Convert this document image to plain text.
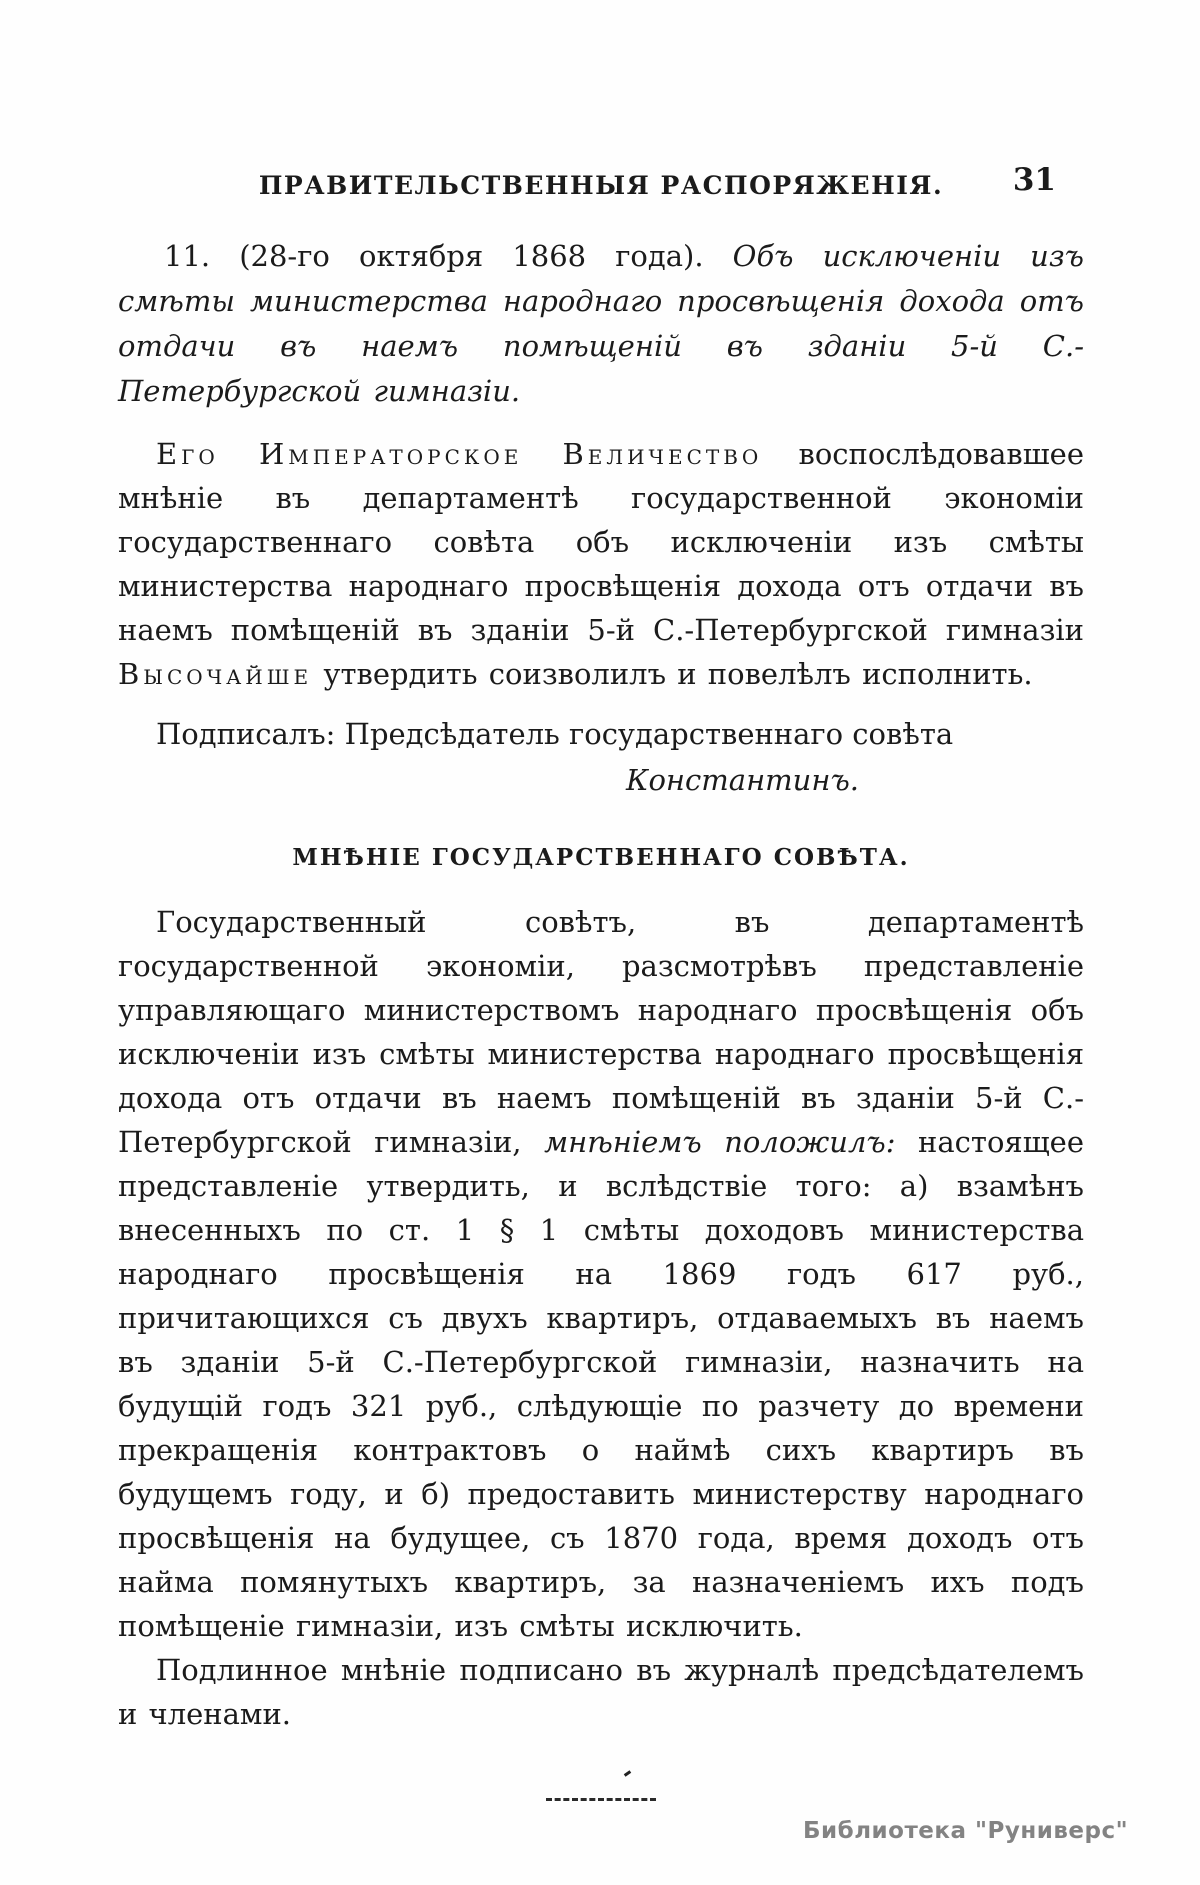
ПРАВИТЕЛЬСТВЕННЫЯ РАСПОРЯЖЕНІЯ.	31

11. (28-го октября 1868 года). Объ исключеніи изъ смѣты министерства народнаго просвѣщенія дохода отъ отдачи въ наемъ помѣщеній въ зданіи 5-й С.-Петербургской гимназіи.

Его Императорское Величество воспослѣдовавшее мнѣніе въ департаментѣ государственной экономіи государственнаго совѣта объ исключеніи изъ смѣты министерства народнаго просвѣщенія дохода отъ отдачи въ наемъ помѣщеній въ зданіи 5-й С.-Петербургской гимназіи Высочайше утвердить соизволилъ и повелѣлъ исполнить.

Подписалъ: Предсѣдатель государственнаго совѣта

Константинъ.

МНѢНІЕ ГОСУДАРСТВЕННАГО СОВѢТА.

Государственный совѣтъ, въ департаментѣ государственной экономіи, разсмотрѣвъ представленіе управляющаго министерствомъ народнаго просвѣщенія объ исключеніи изъ смѣты министерства народнаго просвѣщенія дохода отъ отдачи въ наемъ помѣщеній въ зданіи 5-й С.-Петербургской гимназіи, мнѣніемъ положилъ: настоящее представленіе утвердить, и вслѣдствіе того: а) взамѣнъ внесенныхъ по ст. 1 § 1 смѣты доходовъ министерства народнаго просвѣщенія на 1869 годъ 617 руб., причитающихся съ двухъ квартиръ, отдаваемыхъ въ наемъ въ зданіи 5-й С.-Петербургской гимназіи, назначить на будущій годъ 321 руб., слѣдующіе по разчету до времени прекращенія контрактовъ о наймѣ сихъ квартиръ въ будущемъ году, и б) предоставить министерству народнаго просвѣщенія на будущее, съ 1870 года, время доходъ отъ найма помянутыхъ квартиръ, за назначеніемъ ихъ подъ помѣщеніе гимназіи, изъ смѣты исключить.

Подлинное мнѣніе подписано въ журналѣ предсѣдателемъ и членами.

Библиотека "Руниверс"
